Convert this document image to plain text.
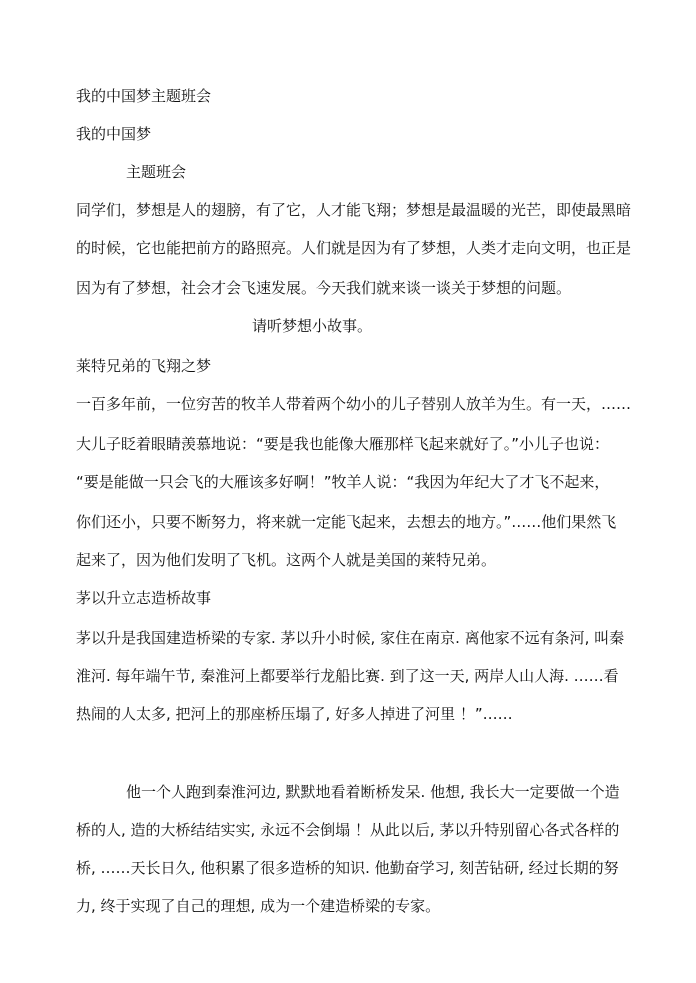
我的中国梦主题班会
我的中国梦
主题班会
同学们，梦想是人的翅膀，有了它，人才能飞翔；梦想是最温暖的光芒，即使最黑暗
的时候，它也能把前方的路照亮。人们就是因为有了梦想，人类才走向文明，也正是
因为有了梦想，社会才会飞速发展。今天我们就来谈一谈关于梦想的问题。
请听梦想小故事。
莱特兄弟的飞翔之梦
一百多年前，一位穷苦的牧羊人带着两个幼小的儿子替别人放羊为生。有一天，……
大儿子眨着眼睛羡慕地说：“要是我也能像大雁那样飞起来就好了。”小儿子也说：
“要是能做一只会飞的大雁该多好啊！”牧羊人说：“我因为年纪大了才飞不起来，
你们还小，只要不断努力，将来就一定能飞起来，去想去的地方。”……他们果然飞
起来了，因为他们发明了飞机。这两个人就是美国的莱特兄弟。
茅以升立志造桥故事
茅以升是我国建造桥梁的专家. 茅以升小时候, 家住在南京. 离他家不远有条河, 叫秦
淮河. 每年端午节, 秦淮河上都要举行龙船比赛. 到了这一天, 两岸人山人海. ……看
热闹的人太多, 把河上的那座桥压塌了, 好多人掉进了河里 ！”……
他一个人跑到秦淮河边, 默默地看着断桥发呆. 他想, 我长大一定要做一个造
桥的人, 造的大桥结结实实, 永远不会倒塌 ！从此以后, 茅以升特别留心各式各样的
桥, ……天长日久, 他积累了很多造桥的知识. 他勤奋学习, 刻苦钻研, 经过长期的努
力, 终于实现了自己的理想, 成为一个建造桥梁的专家。
